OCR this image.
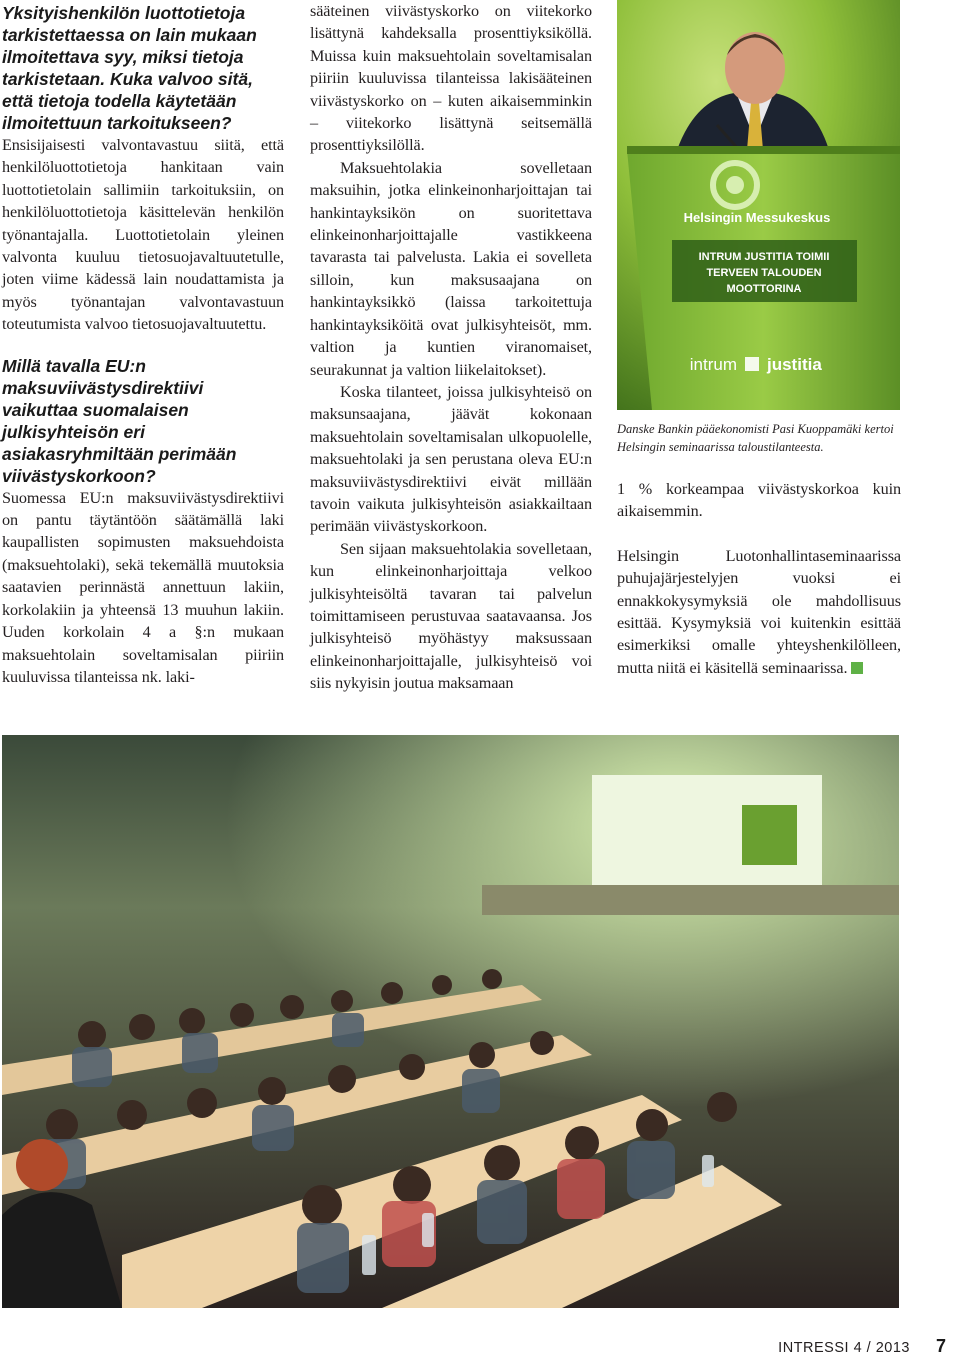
Yksityishenkilön luottotietoja tarkistettaessa on lain mukaan ilmoitettava syy, miksi tietoja tarkistetaan. Kuka valvoo sitä, että tietoja todella käytetään ilmoitettuun tarkoitukseen?

Ensisijaisesti valvontavastuu siitä, että henkilöluottotietoja hankitaan vain luottotietolain sallimiin tarkoituksiin, on henkilöluottotietoja käsittelevän henkilön työnantajalla. Luottotietolain yleinen valvonta kuuluu tietosuojavaltuutetulle, joten viime kädessä lain noudattamista ja myös työnantajan valvontavastuun toteutumista valvoo tietosuojavaltuutettu.

Millä tavalla EU:n maksuviivästysdirektiivi vaikuttaa suomalaisen julkisyhteisön eri asiakasryhmiltään perimään viivästyskorkoon?

Suomessa EU:n maksuviivästysdirektiivi on pantu täytäntöön säätämällä laki kaupallisten sopimusten maksuehdoista (maksuehtolaki), sekä tekemällä muutoksia saatavien perinnästä annettuun lakiin, korkolakiin ja yhteensä 13 muuhun lakiin. Uuden korkolain 4 a §:n mukaan maksuehtolain soveltamisalan piiriin kuuluvissa tilanteissa nk. laki-

sääteinen viivästyskorko on viitekorko lisättynä kahdeksalla prosenttiyksiköllä. Muissa kuin maksuehtolain soveltamisalan piiriin kuuluvissa tilanteissa lakisääteinen viivästyskorko on – kuten aikaisemminkin – viitekorko lisättynä seitsemällä prosenttiyksilöllä.

Maksuehtolakia sovelletaan maksuihin, jotka elinkeinonharjoittajan tai hankintayksikön on suoritettava elinkeinonharjoittajalle vastikkeena tavarasta tai palvelusta. Lakia ei sovelleta silloin, kun maksusaajana on hankintayksikkö (laissa tarkoitettuja hankintayksiköitä ovat julkisyhteisöt, mm. valtion ja kuntien viranomaiset, seurakunnat ja valtion liikelaitokset).

Koska tilanteet, joissa julkisyhteisö on maksunsaajana, jäävät kokonaan maksuehtolain soveltamisalan ulkopuolelle, maksuehtolaki ja sen perustana oleva EU:n maksuviivästysdirektiivi eivät millään tavoin vaikuta julkisyhteisön asiakkailtaan perimään viivästyskorkoon.

Sen sijaan maksuehtolakia sovelletaan, kun elinkeinonharjoittaja velkoo julkisyhteisöltä tavaran tai palvelun toimittamiseen perustuvaa saatavaansa. Jos julkisyhteisö myöhästyy maksussaan elinkeinonharjoittajalle, julkisyhteisö voi siis nykyisin joutua maksamaan

Helsingin Messukeskus
INTRUM JUSTITIA TOIMII
TERVEEN TALOUDEN
MOOTTORINA
intrum justitia

Danske Bankin pääekonomisti Pasi Kuoppamäki kertoi Helsingin seminaarissa taloustilanteesta.

1 % korkeampaa viivästyskorkoa kuin aikaisemmin.

Helsingin Luotonhallintaseminaarissa puhujajärjestelyjen vuoksi ei ennakkokysymyksiä ole mahdollisuus esittää. Kysymyksiä voi kuitenkin esittää esimerkiksi omalle yhteyshenkilölleen, mutta niitä ei käsitellä seminaarissa.

INTRESSI 4 / 2013 7
